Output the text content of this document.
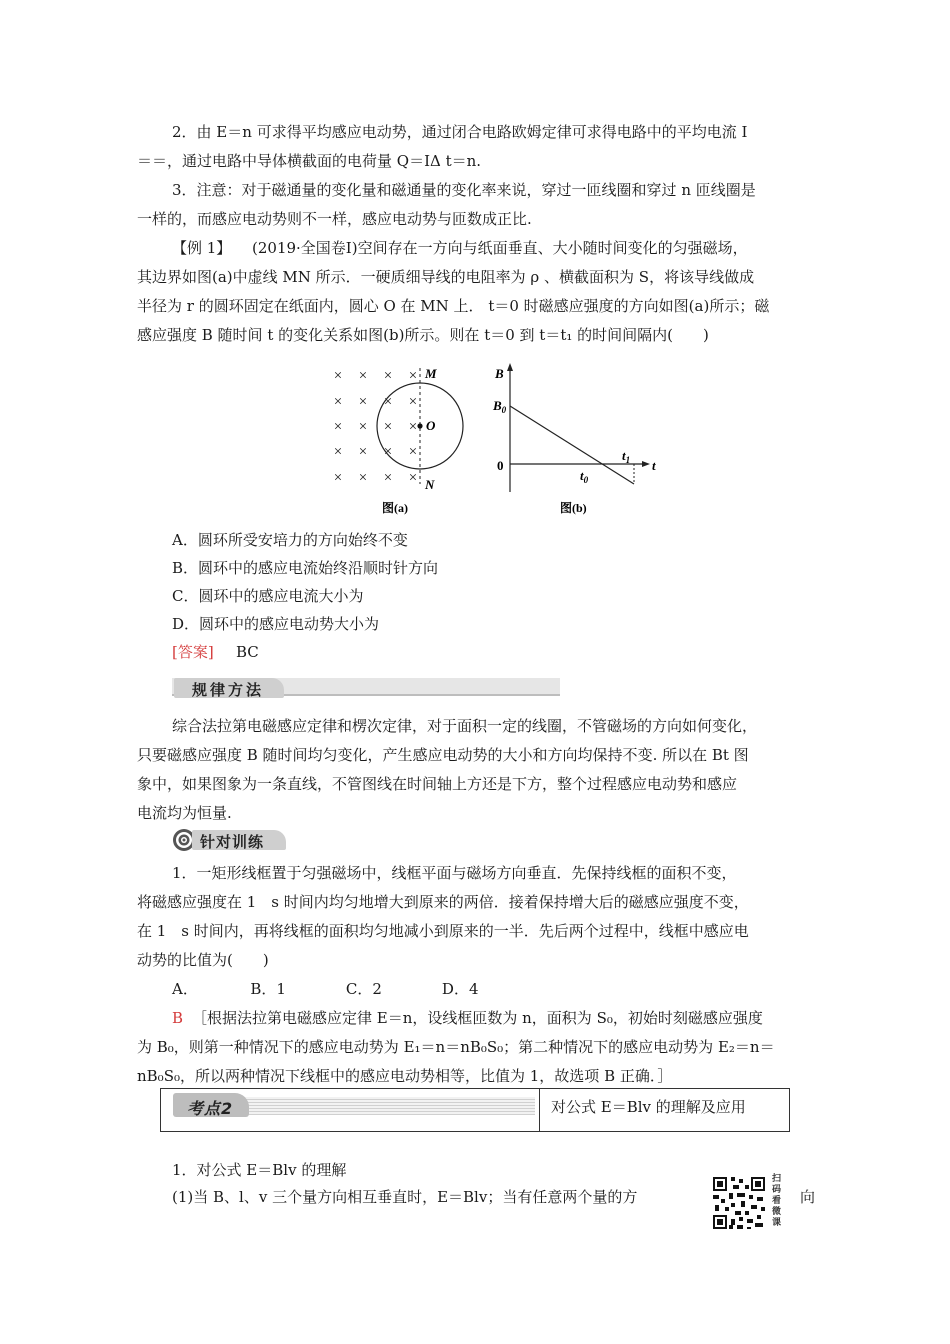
2．由 E＝n 可求得平均感应电动势，通过闭合电路欧姆定律可求得电路中的平均电流 I
＝＝，通过电路中导体横截面的电荷量 Q＝IΔ t＝n.
3．注意：对于磁通量的变化量和磁通量的变化率来说，穿过一匝线圈和穿过 n 匝线圈是
一样的，而感应电动势则不一样，感应电动势与匝数成正比.
【例 1】 (2019·全国卷Ⅰ)空间存在一方向与纸面垂直、大小随时间变化的匀强磁场，
其边界如图(a)中虚线 MN 所示．一硬质细导线的电阻率为 ρ 、横截面积为 S，将该导线做成
半径为 r 的圆环固定在纸面内，圆心 O 在 MN 上． t＝0 时磁感应强度的方向如图(a)所示；磁
感应强度 B 随时间 t 的变化关系如图(b)所示。则在 t＝0 到 t＝t₁ 的时间间隔内(　　)
× × × ×
× × × ×
× × × ×
× × × ×
× × × ×
M
O
N
图(a)
B
$B_0$
0
$t_0$
$t_1$ t
图(b)
A．圆环所受安培力的方向始终不变
B．圆环中的感应电流始终沿顺时针方向
C．圆环中的感应电流大小为
D．圆环中的感应电动势大小为
[答案] BC
规律方法
综合法拉第电磁感应定律和楞次定律，对于面积一定的线圈，不管磁场的方向如何变化，
只要磁感应强度 B 随时间均匀变化，产生感应电动势的大小和方向均保持不变. 所以在 Bt 图
象中，如果图象为一条直线，不管图线在时间轴上方还是下方，整个过程感应电动势和感应
电流均为恒量.
针对训练
1．一矩形线框置于匀强磁场中，线框平面与磁场方向垂直．先保持线框的面积不变，
将磁感应强度在 1　s 时间内均匀地增大到原来的两倍．接着保持增大后的磁感应强度不变，
在 1　s 时间内，再将线框的面积均匀地减小到原来的一半．先后两个过程中，线框中感应电
动势的比值为(　　)
A．　　　　B．1　　　　C．2　　　　D．4
B ［根据法拉第电磁感应定律 E＝n，设线框匝数为 n，面积为 S₀，初始时刻磁感应强度
为 B₀，则第一种情况下的感应电动势为 E₁＝n＝nB₀S₀；第二种情况下的感应电动势为 E₂＝n＝
nB₀S₀，所以两种情况下线框中的感应电动势相等，比值为 1，故选项 B 正确．］
考点2	对公式 E＝Blv 的理解及应用
1．对公式 E＝Blv 的理解
(1)当 B、l、v 三个量方向相互垂直时，E＝Blv；当有任意两个量的方	向
扫码看微课
